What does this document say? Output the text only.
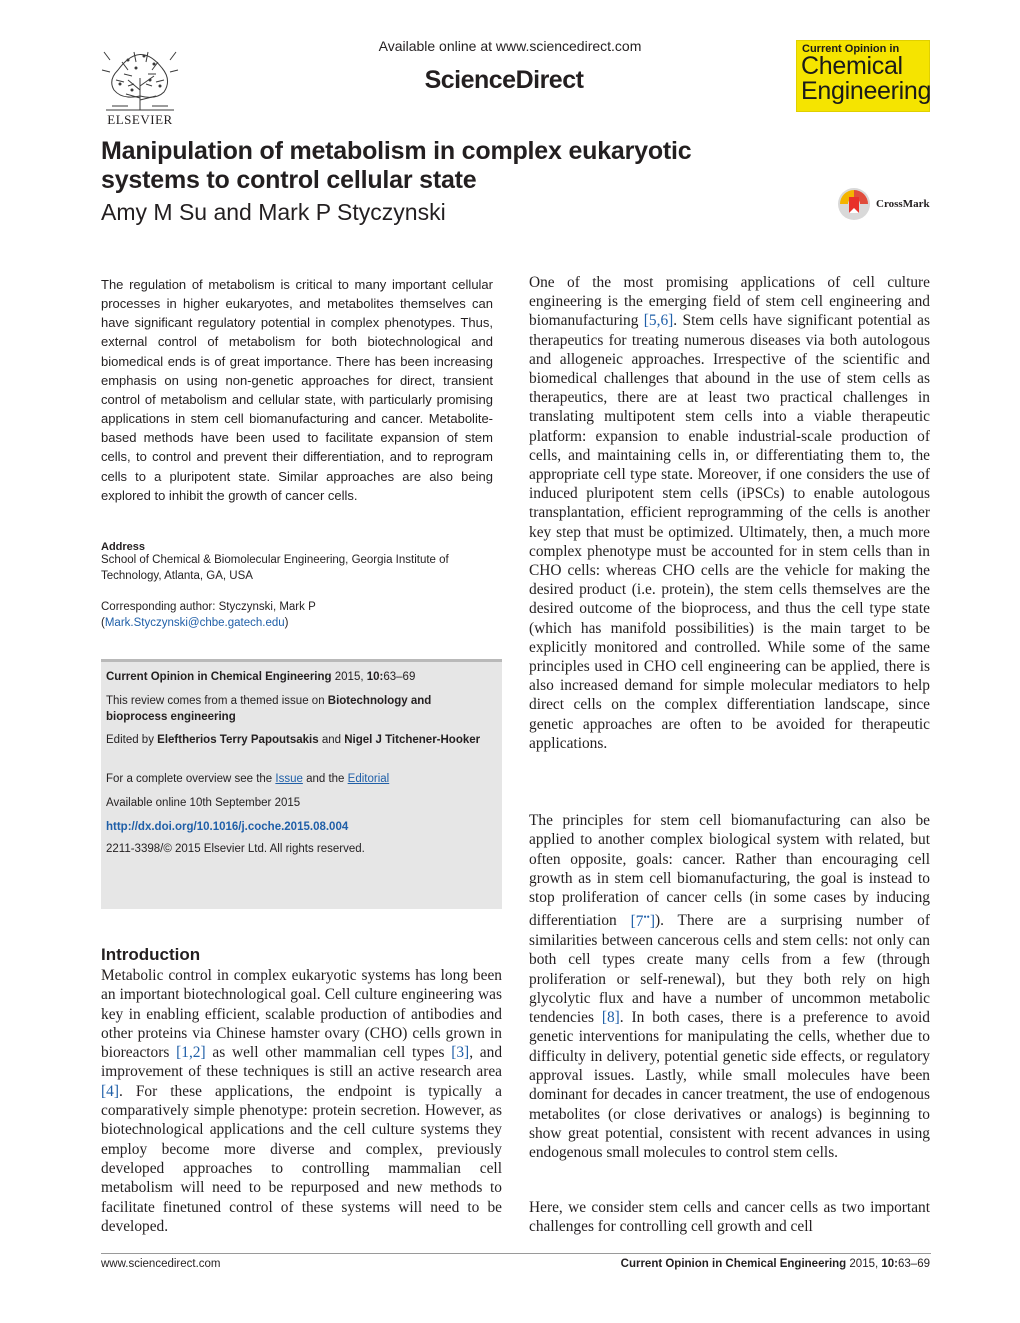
ELSEVIER
Available online at www.sciencedirect.com
ScienceDirect
Current Opinion in
Chemical
Engineering
Manipulation of metabolism in complex eukaryotic systems to control cellular state
Amy M Su and Mark P Styczynski	CrossMark
The regulation of metabolism is critical to many important cellular processes in higher eukaryotes, and metabolites themselves can have significant regulatory potential in complex phenotypes. Thus, external control of metabolism for both biotechnological and biomedical ends is of great importance. There has been increasing emphasis on using non-genetic approaches for direct, transient control of metabolism and cellular state, with particularly promising applications in stem cell biomanufacturing and cancer. Metabolite-based methods have been used to facilitate expansion of stem cells, to control and prevent their differentiation, and to reprogram cells to a pluripotent state. Similar approaches are also being explored to inhibit the growth of cancer cells.
Address
School of Chemical & Biomolecular Engineering, Georgia Institute of Technology, Atlanta, GA, USA
Corresponding author: Styczynski, Mark P
(Mark.Styczynski@chbe.gatech.edu)
Current Opinion in Chemical Engineering 2015, 10:63–69
This review comes from a themed issue on Biotechnology and bioprocess engineering
Edited by Eleftherios Terry Papoutsakis and Nigel J Titchener-Hooker
For a complete overview see the Issue and the Editorial
Available online 10th September 2015
http://dx.doi.org/10.1016/j.coche.2015.08.004
2211-3398/© 2015 Elsevier Ltd. All rights reserved.
Introduction
Metabolic control in complex eukaryotic systems has long been an important biotechnological goal. Cell culture engineering was key in enabling efficient, scalable production of antibodies and other proteins via Chinese hamster ovary (CHO) cells grown in bioreactors [1,2] as well other mammalian cell types [3], and improvement of these techniques is still an active research area [4]. For these applications, the endpoint is typically a comparatively simple phenotype: protein secretion. However, as biotechnological applications and the cell culture systems they employ become more diverse and complex, previously developed approaches to controlling mammalian cell metabolism will need to be repurposed and new methods to facilitate finetuned control of these systems will need to be developed.
One of the most promising applications of cell culture engineering is the emerging field of stem cell engineering and biomanufacturing [5,6]. Stem cells have significant potential as therapeutics for treating numerous diseases via both autologous and allogeneic approaches. Irrespective of the scientific and biomedical challenges that abound in the use of stem cells as therapeutics, there are at least two practical challenges in translating multipotent stem cells into a viable therapeutic platform: expansion to enable industrial-scale production of cells, and maintaining cells in, or differentiating them to, the appropriate cell type state. Moreover, if one considers the use of induced pluripotent stem cells (iPSCs) to enable autologous transplantation, efficient reprogramming of the cells is another key step that must be optimized. Ultimately, then, a much more complex phenotype must be accounted for in stem cells than in CHO cells: whereas CHO cells are the vehicle for making the desired product (i.e. protein), the stem cells themselves are the desired outcome of the bioprocess, and thus the cell type state (which has manifold possibilities) is the main target to be explicitly monitored and controlled. While some of the same principles used in CHO cell engineering can be applied, there is also increased demand for simple molecular mediators to help direct cells on the complex differentiation landscape, since genetic approaches are often to be avoided for therapeutic applications.
The principles for stem cell biomanufacturing can also be applied to another complex biological system with related, but often opposite, goals: cancer. Rather than encouraging cell growth as in stem cell biomanufacturing, the goal is instead to stop proliferation of cancer cells (in some cases by inducing differentiation [7••]). There are a surprising number of similarities between cancerous cells and stem cells: not only can both cell types create many cells from a few (through proliferation or self-renewal), but they both rely on high glycolytic flux and have a number of uncommon metabolic tendencies [8]. In both cases, there is a preference to avoid genetic interventions for manipulating the cells, whether due to difficulty in delivery, potential genetic side effects, or regulatory approval issues. Lastly, while small molecules have been dominant for decades in cancer treatment, the use of endogenous metabolites (or close derivatives or analogs) is beginning to show great potential, consistent with recent advances in using endogenous small molecules to control stem cells.
Here, we consider stem cells and cancer cells as two important challenges for controlling cell growth and cell
www.sciencedirect.com	Current Opinion in Chemical Engineering 2015, 10:63–69
